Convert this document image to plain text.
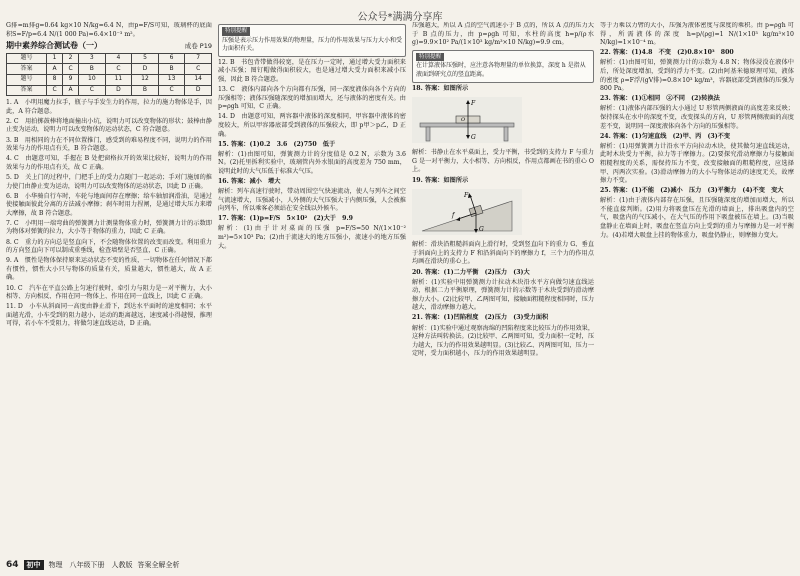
公众号*满满分享库

G排=m排g=0.64 kg×10 N/kg=6.4 N，由p=F/S可知，玻璃杯的底面积S=F/p=6.4 N/(1 000 Pa)=6.4×10⁻³ m²。

期中素养综合测试卷（一）	成卷 P19
题号	1	2	3	4	5	6	7
答案	A	C	B	C	D	B	C
题号	8	9	10	11	12	13	14
答案	C	A	C	D	B	C	D

1. A　小明用魔力拉手，瓶子与手发生力的作用，拉力的施力物体是手，因此，A 符合题意。

2. C　用拍掷鼓棒将地面撞出小坑，说明力可以改变物体的形状；鼓棒由静止变为运动，说明力可以改变物体的运动状态，C 符合题意。

3. B　用相同的力在不同位置推门，感受到的难易程度不同，说明力的作用效果与力的作用点有关，B 符合题意。

4. C　由题意可知，手握在 B 处把窗格拉开的效果比较好，说明力的作用效果与力的作用点有关，故 C 正确。

5. D　关上门的过程中，门把手上的受力点随门一起运动；手对门施加的推力使门由静止变为运动，说明力可以改变物体的运动状态，因此 D 正确。

6. B　小华骑自行车时，车轮与地面间存在摩擦；给车轴加润滑油，是通过使接触面彼此分离的方法减小摩擦；刹车时用力捏闸，是通过增大压力来增大摩擦，故 B 符合题意。

7. C　小明用一端弯曲的弹簧测力计测量物体重力时，弹簧测力计的示数即为物体对弹簧的拉力，大小等于物体的重力，因此 C 正确。

8. C　重力的方向总是竖直向下，不会随物体位置的改变而改变。利用重力的方向竖直向下可以制成重垂线，检查墙壁是否竖直，C 正确。

9. A　惯性是物体保持原来运动状态不变的性质，一切物体在任何情况下都有惯性，惯性大小只与物体的质量有关，质量越大，惯性越大，故 A 正确。

10. C　汽车在平直公路上匀速行驶时，牵引力与阻力是一对平衡力，大小相等、方向相反、作用在同一物体上、作用在同一直线上，因此 C 正确。

11. D　小车从斜面同一高度由静止滑下，到达水平面时的速度相同；水平面越光滑，小车受到的阻力越小，运动的距离越远，速度减小得越慢，推理可得，若小车不受阻力，将做匀速直线运动，D 正确。

特别提醒
压强是表示压力作用效果的物理量，压力的作用效果与压力大小和受力面积有关。

12. B　书包背带做得较宽，是在压力一定时，通过增大受力面积来减小压强；图钉帽做得面积较大，也是通过增大受力面积来减小压强，因此 B 符合题意。

13. C　液体内部向各个方向都有压强，同一深度液体向各个方向的压强相等；液体压强随深度的增加而增大，还与液体的密度有关。由 p=ρgh 可知，C 正确。

14. D　由题意可知，两容器中液体的深度相同，甲容器中液体的密度较大，所以甲容器底部受到液体的压强较大，即 p甲＞p乙，D 正确。

15. 答案：(1)0.2　3.6　(2)750　低于

解析：(1)由图可知，弹簧测力计的分度值是 0.2 N，示数为 3.6 N。(2)托里拆利实验中，玻璃管内外水银面的高度差为 750 mm，说明此时的大气压低于标准大气压。

16. 答案：减小　增大

解析：列车高速行驶时，带动周围空气快速流动，使人与列车之间空气流速增大，压强减小，人外侧的大气压强大于内侧压强，人会被推向列车，所以乘客必须站在安全线以外候车。

17. 答案：(1)p=F/S　5×10²　(2)大于　9.9

解析：(1)由于计对桌面的压强 p=F/S=50 N/(1×10⁻² m²)=5×10³ Pa；(2)由于流速大的地方压强小，流速小的地方压强大。

压强越大，所以 A 点的空气流速小于 B 点的，所以 A 点的压力大于 B 点的压力，由 p=ρgh 可知，水柱的高度 h=p/(ρ水g)=9.9×10² Pa/(1×10³ kg/m³×10 N/kg)=9.9 cm。

特别提醒
在计算液体压强时，应注意各物理量的单位换算，深度 h 是指从液面到研究点的竖直距离。

18. 答案：如图所示

F
G
O

解析：书静止在水平桌面上，受力平衡，书受到的支持力 F 与重力 G 是一对平衡力，大小相等、方向相反，作用点都画在书的重心 O 上。

19. 答案：如图所示

F
G
f

解析：滑块沿粗糙斜面向上滑行时，受到竖直向下的重力 G、垂直于斜面向上的支持力 F 和沿斜面向下的摩擦力 f，三个力的作用点均画在滑块的重心上。

20. 答案：(1)二力平衡　(2)压力　(3)大

解析：(1)实验中用弹簧测力计拉动木块沿水平方向做匀速直线运动，根据二力平衡原理，弹簧测力计的示数等于木块受到的滑动摩擦力大小。(2)比较甲、乙两图可知，接触面粗糙程度相同时，压力越大，滑动摩擦力越大。

21. 答案：(1)凹陷程度　(2)压力　(3)受力面积

解析：(1)实验中通过观察海绵的凹陷程度来比较压力的作用效果，这种方法叫转换法。(2)比较甲、乙两图可知，受力面积一定时，压力越大，压力的作用效果越明显。(3)比较乙、丙两图可知，压力一定时，受力面积越小，压力的作用效果越明显。

等于力乘以力臂的大小，压强为液体密度与深度的乘积。由 p=ρgh 可得，所需液体的深度 h=p/(ρg)=1 N/(1×10³ kg/m³×10 N/kg)=1×10⁻⁴ m。

22. 答案：(1)4.8　不变　(2)0.8×10³　800

解析：(1)由图可知，弹簧测力计的示数为 4.8 N；物体浸没在液体中后，所处深度增加，受到的浮力不变。(2)由阿基米德原理可知，液体的密度 ρ=F浮/(gV排)=0.8×10³ kg/m³，容器底部受到液体的压强为 800 Pa。

23. 答案：(1)①相同　②不同　(2)转换法

解析：(1)液体内部压强的大小通过 U 形管两侧液面的高度差来反映；保持探头在水中的深度不变，改变探头的方向，U 形管两侧液面的高度差不变，说明同一深度液体向各个方向的压强相等。

24. 答案：(1)匀速直线　(2)甲、丙　(3)不变

解析：(1)用弹簧测力计沿水平方向拉动木块，使其做匀速直线运动，此时木块受力平衡，拉力等于摩擦力。(2)要探究滑动摩擦力与接触面粗糙程度的关系，需保持压力不变，改变接触面的粗糙程度，应选择甲、丙两次实验。(3)滑动摩擦力的大小与物体运动的速度无关，故摩擦力不变。

25. 答案：(1)不能　(2)减小　压力　(3)平衡力　(4)不变　变大

解析：(1)由于液体内部存在压强，且压强随深度的增加而增大，所以不能直接判断。(2)用力将吸盘压在光滑的墙面上，排出吸盘内的空气，吸盘内的气压减小，在大气压的作用下吸盘被压在墙上。(3)当吸盘静止在墙面上时，吸盘在竖直方向上受到的重力与摩擦力是一对平衡力。(4)若增大吸盘上挂的物体重力，吸盘仍静止，则摩擦力变大。

64	初中	物理　八年级下册　人教版 答案全解全析
